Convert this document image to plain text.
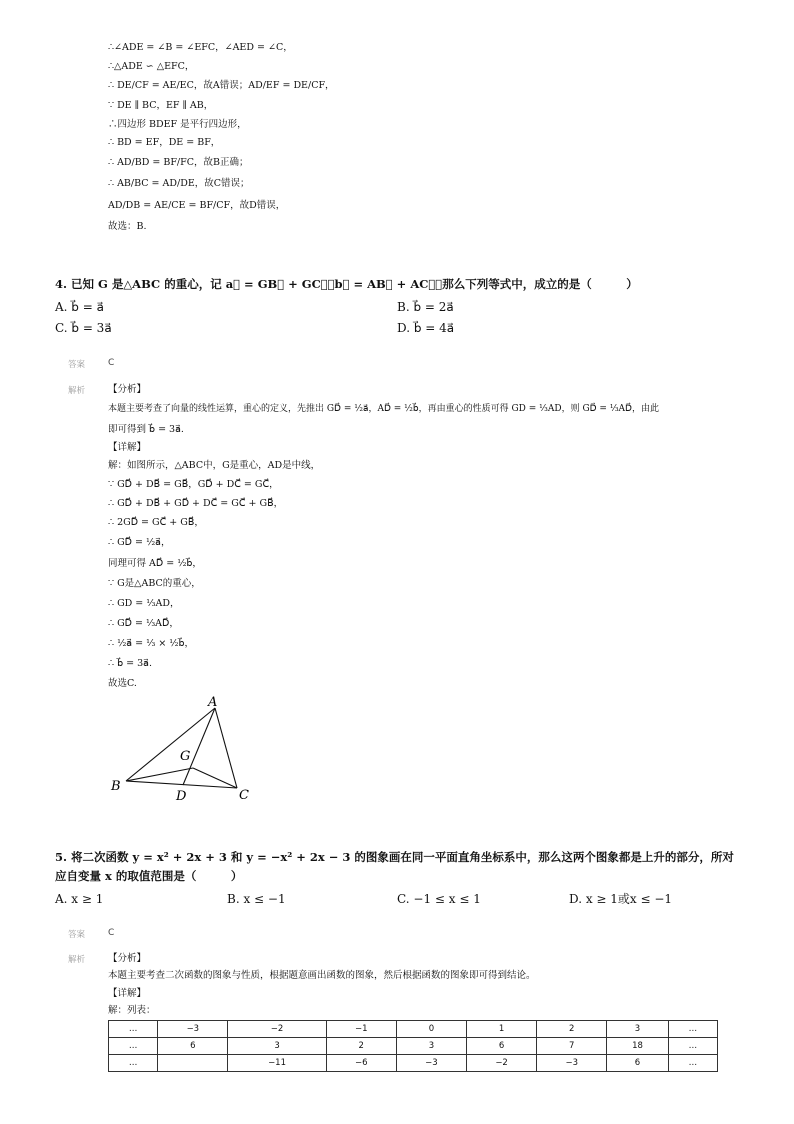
∴∠ADE = ∠B = ∠EFC，∠AED = ∠C，
∴△ADE ∽ △EFC，
∴ DE/CF = AE/EC，故A错误；AD/EF = DE/CF，
∵ DE ∥ BC，EF ∥ AB，
∴四边形 BDEF 是平行四边形，
∴ BD = EF，DE = BF，
∴ AD/BD = BF/FC，故B正确；
∴ AB/BC = AD/DE，故C错误；
AD/DB = AE/CE = BF/CF，故D错误，
故选：B.
4. 已知 G 是△ABC 的重心，记 a⃗ = GB⃗ + GC⃗，b⃗ = AB⃗ + AC⃗，那么下列等式中，成立的是（　　　）
A. b⃗ = a⃗	B. b⃗ = 2a⃗
C. b⃗ = 3a⃗	D. b⃗ = 4a⃗
答案	C
解析 【分析】
本题主要考查了向量的线性运算，重心的定义，先推出 GD⃗ = ½a⃗，AD⃗ = ½b⃗，再由重心的性质可得 GD = ⅓AD，则 GD⃗ = ⅓AD⃗，由此
即可得到 b⃗ = 3a⃗.
【详解】
解：如图所示，△ABC中，G是重心，AD是中线，
∵ GD⃗ + DB⃗ = GB⃗，GD⃗ + DC⃗ = GC⃗，
∴ GD⃗ + DB⃗ + GD⃗ + DC⃗ = GC⃗ + GB⃗，
∴ 2GD⃗ = GC⃗ + GB⃗，
∴ GD⃗ = ½a⃗，
同理可得 AD⃗ = ½b⃗，
∵ G是△ABC的重心，
∴ GD = ⅓AD，
∴ GD⃗ = ⅓AD⃗，
∴ ½a⃗ = ⅓ × ½b⃗，
∴ b⃗ = 3a⃗.
故选C.
A
B
C
D
G
5. 将二次函数 y = x² + 2x + 3 和 y = −x² + 2x − 3 的图象画在同一平面直角坐标系中，那么这两个图象都是上升的部分，所对
应自变量 x 的取值范围是（　　　）
A. x ≥ 1	B. x ≤ −1	C. −1 ≤ x ≤ 1	D. x ≥ 1或x ≤ −1
答案	C
解析 【分析】
本题主要考查二次函数的图象与性质，根据题意画出函数的图象，然后根据函数的图象即可得到结论。
【详解】
解：列表：
…	−3	−2	−1	0	1	2	3	…
…	6	3	2	3	6	7	18	…
…		−11	−6	−3	−2	−3	6	…
